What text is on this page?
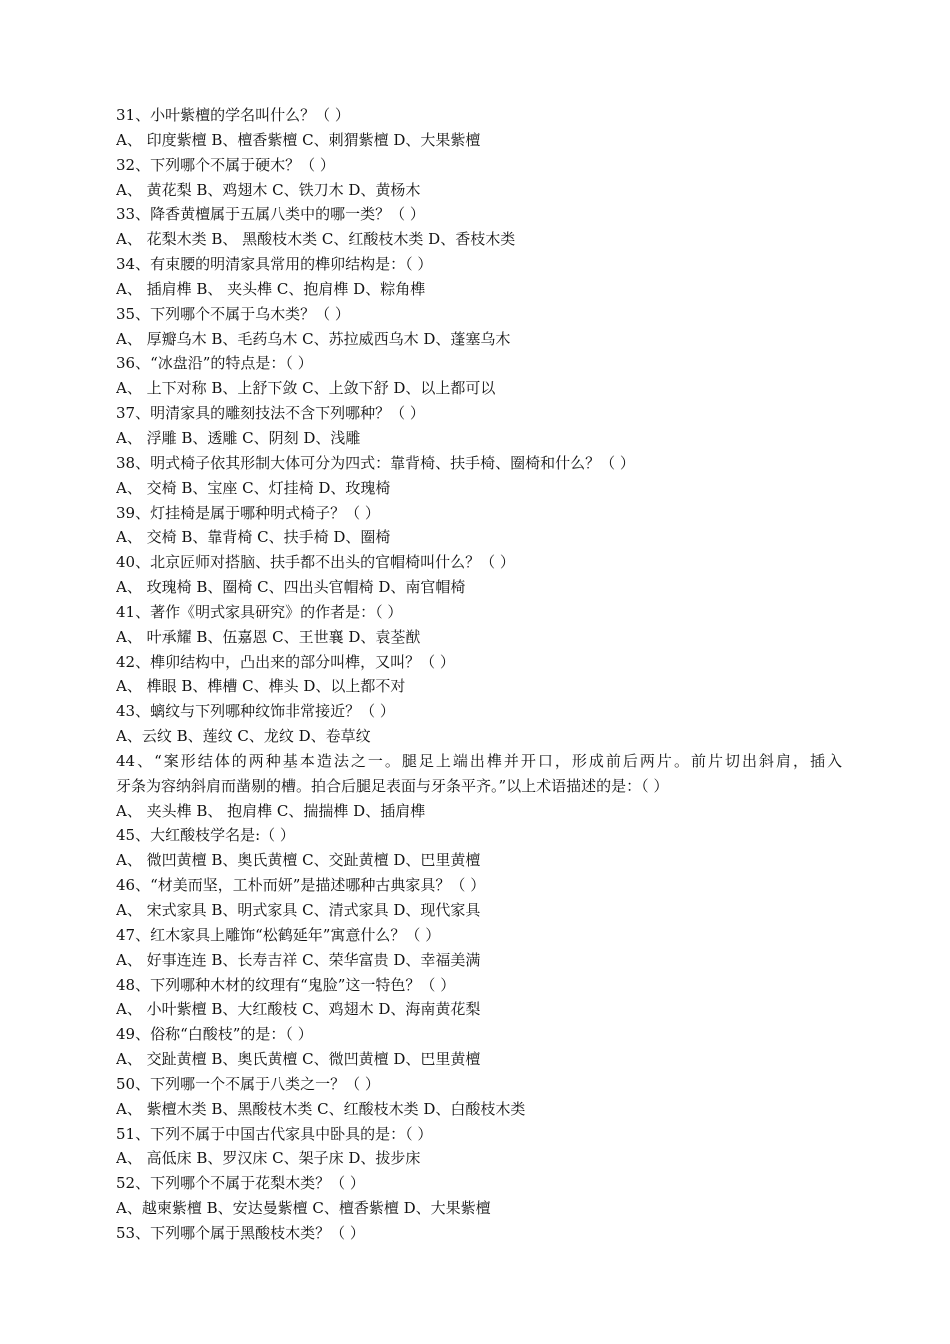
31、小叶紫檀的学名叫什么？（ ）
A、 印度紫檀 B、檀香紫檀 C、刺猬紫檀 D、大果紫檀
32、下列哪个不属于硬木？（ ）
A、 黄花梨 B、鸡翅木 C、铁刀木 D、黄杨木
33、降香黄檀属于五属八类中的哪一类？（ ）
A、 花梨木类 B、 黑酸枝木类 C、红酸枝木类 D、香枝木类
34、有束腰的明清家具常用的榫卯结构是：（ ）
A、 插肩榫 B、 夹头榫 C、抱肩榫 D、粽角榫
35、下列哪个不属于乌木类？（ ）
A、 厚瓣乌木 B、毛药乌木 C、苏拉威西乌木 D、蓬塞乌木
36、“冰盘沿”的特点是：（ ）
A、 上下对称 B、上舒下敛 C、上敛下舒 D、以上都可以
37、明清家具的雕刻技法不含下列哪种？（ ）
A、 浮雕 B、透雕 C、阴刻 D、浅雕
38、明式椅子依其形制大体可分为四式：靠背椅、扶手椅、圈椅和什么？（ ）
A、 交椅 B、宝座 C、灯挂椅 D、玫瑰椅
39、灯挂椅是属于哪种明式椅子？（ ）
A、 交椅 B、靠背椅 C、扶手椅 D、圈椅
40、北京匠师对搭脑、扶手都不出头的官帽椅叫什么？（ ）
A、 玫瑰椅 B、圈椅 C、四出头官帽椅 D、南官帽椅
41、著作《明式家具研究》的作者是：（ ）
A、 叶承耀 B、伍嘉恩 C、王世襄 D、袁荃猷
42、榫卯结构中，凸出来的部分叫榫，又叫？（ ）
A、 榫眼 B、榫槽 C、榫头 D、以上都不对
43、螭纹与下列哪种纹饰非常接近？（ ）
A、云纹 B、莲纹 C、龙纹 D、卷草纹
44、“案形结体的两种基本造法之一。腿足上端出榫并开口，形成前后两片。前片切出斜肩，插入
牙条为容纳斜肩而凿剔的槽。拍合后腿足表面与牙条平齐。”以上术语描述的是：（ ）
A、 夹头榫 B、 抱肩榫 C、揣揣榫 D、插肩榫
45、大红酸枝学名是:（ ）
A、 微凹黄檀 B、奥氏黄檀 C、交趾黄檀 D、巴里黄檀
46、“材美而坚，工朴而妍”是描述哪种古典家具？（ ）
A、 宋式家具 B、明式家具 C、清式家具 D、现代家具
47、红木家具上雕饰“松鹤延年”寓意什么？（ ）
A、 好事连连 B、长寿吉祥 C、荣华富贵 D、幸福美满
48、下列哪种木材的纹理有“鬼脸”这一特色？（ ）
A、 小叶紫檀 B、大红酸枝 C、鸡翅木 D、海南黄花梨
49、俗称“白酸枝”的是：（ ）
A、 交趾黄檀 B、奥氏黄檀 C、微凹黄檀 D、巴里黄檀
50、下列哪一个不属于八类之一？（ ）
A、 紫檀木类 B、黑酸枝木类 C、红酸枝木类 D、白酸枝木类
51、下列不属于中国古代家具中卧具的是：（ ）
A、 高低床 B、罗汉床 C、架子床 D、拔步床
52、下列哪个不属于花梨木类？（ ）
A、越柬紫檀 B、安达曼紫檀 C、檀香紫檀 D、大果紫檀
53、下列哪个属于黑酸枝木类？（ ）
